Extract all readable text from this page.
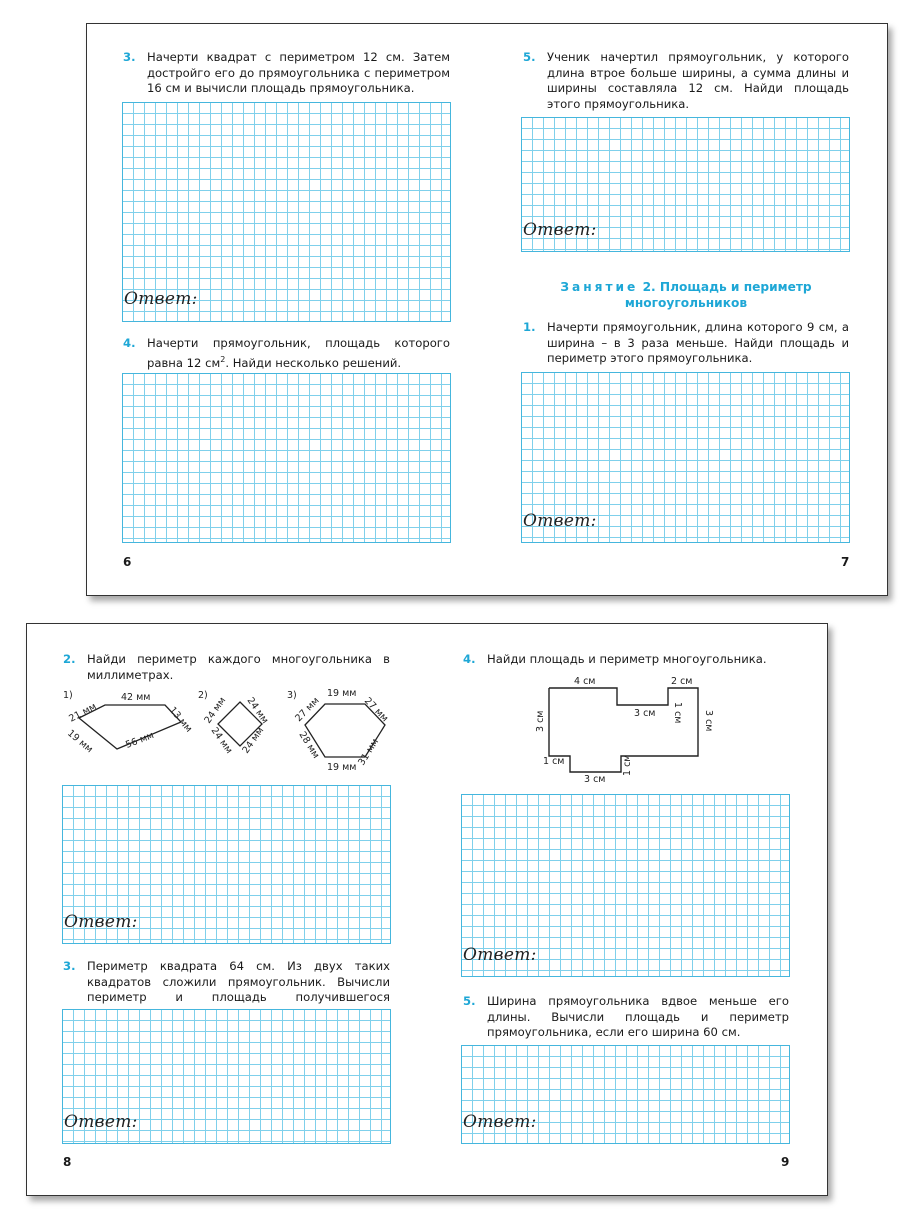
3. Начерти квадрат с периметром 12 см. Затем достройго его до прямоугольника с периметром 16 см и вычисли площадь прямоугольника.
Ответ:
4. Начерти прямоугольник, площадь которого равна 12 $см^2$. Найди несколько решений.
6
5. Ученик начертил прямоугольник, у которого длина втрое больше ширины, а сумма длины и ширины составляла 12 см. Найди площадь этого прямоугольника.
Ответ:
Занятие 2. Площадь и периметр
многоугольников
1. Начерти прямоугольник, длина которого 9 см, а ширина – в 3 раза меньше. Найди площадь и периметр этого прямоугольника.
Ответ:
7
2. Найди периметр каждого многоугольника в миллиметрах.
1)	42 мм
13 мм
56 мм
19 мм
21 мм
2)
24 мм 24 мм
24 мм 24 мм
3)	19 мм
27 мм
31 мм
19 мм
28 мм
27 мм
Ответ:
3. Периметр квадрата 64 см. Из двух таких квадратов сложили прямоугольник. Вычисли периметр и площадь получившегося
Ответ:
8
4. Найди площадь и периметр многоугольника.
4 см	2 см
3 см 1 см
3 см	3 см
1 см
3 см
1 см
Ответ:
5. Ширина прямоугольника вдвое меньше его длины. Вычисли площадь и периметр прямоугольника, если его ширина 60 см.
Ответ:
9
